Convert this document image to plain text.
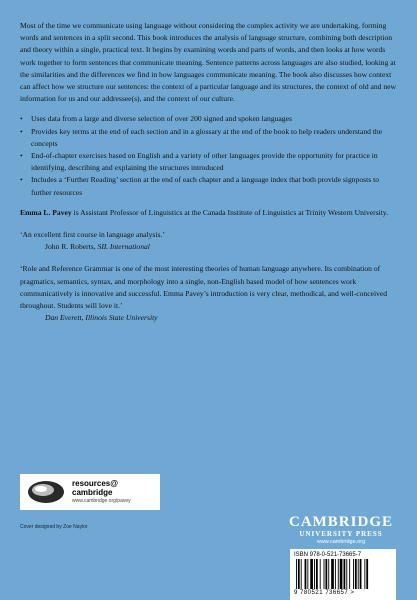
Most of the time we communicate using language without considering the complex activity we are undertaking, forming words and sentences in a split second. This book introduces the analysis of language structure, combining both description and theory within a single, practical text. It begins by examining words and parts of words, and then looks at how words work together to form sentences that communicate meaning. Sentence patterns across languages are also studied, looking at the similarities and the differences we find in how languages communicate meaning. The book also discusses how context can affect how we structure our sentences: the context of a particular language and its structures, the context of old and new information for us and our addressee(s), and the context of our culture.

• Uses data from a large and diverse selection of over 200 signed and spoken languages
• Provides key terms at the end of each section and in a glossary at the end of the book to help readers understand the concepts
• End-of-chapter exercises based on English and a variety of other languages provide the opportunity for practice in identifying, describing and explaining the structures introduced
• Includes a ‘Further Reading’ section at the end of each chapter and a language index that both provide signposts to further resources

Emma L. Pavey is Assistant Professor of Linguistics at the Canada Institute of Linguistics at Trinity Western University.

‘An excellent first course in language analysis.’
John R. Roberts, SIL International
‘Role and Reference Grammar is one of the most interesting theories of human language anywhere. Its combination of pragmatics, semantics, syntax, and morphology into a single, non-English based model of how sentences work communicatively is innovative and successful. Emma Pavey’s introduction is very clear, methodical, and well-conceived throughout. Students will love it.’
Dan Everett, Illinois State University
resources@
cambridge
www.cambridge.org/pavey
Cover designed by Zoe Naylor	CAMBRIDGE
UNIVERSITY PRESS
www.cambridge.org
ISBN 978-0-521-73665-7
9 780521 736657 >
